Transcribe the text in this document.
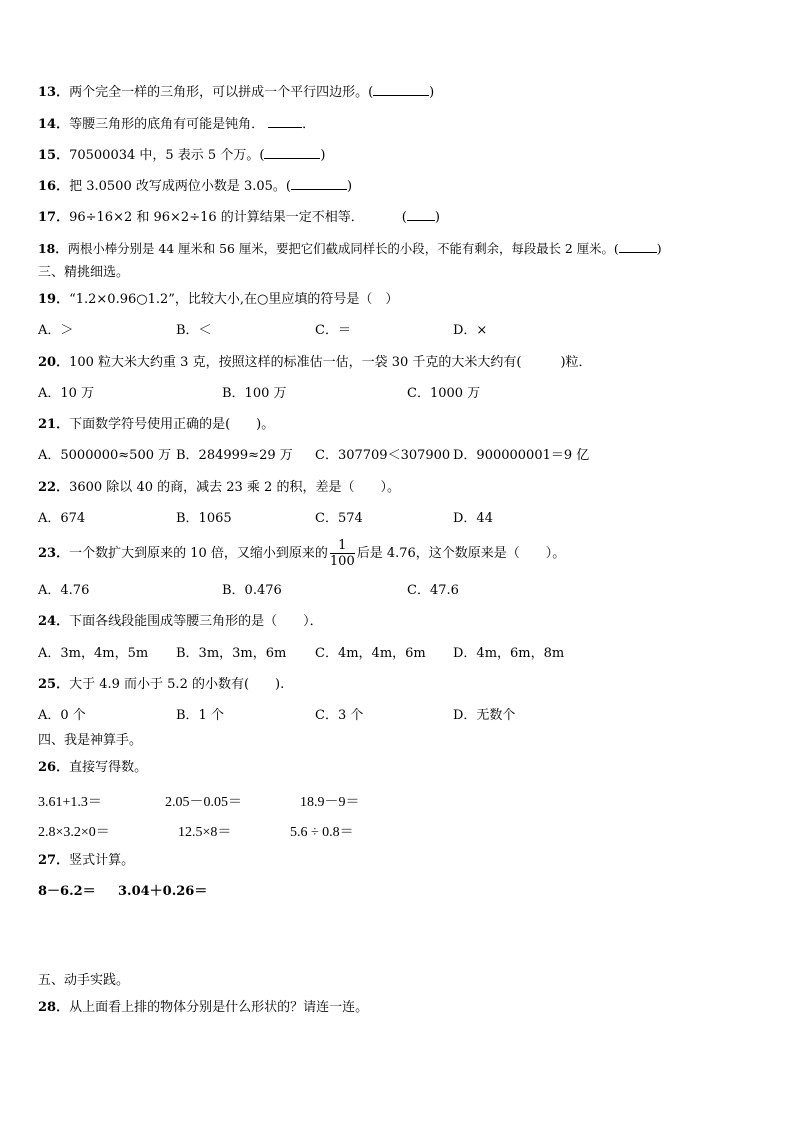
13．两个完全一样的三角形，可以拼成一个平行四边形。(	)
14．等腰三角形的底角有可能是钝角．	．
15．70500034 中，5 表示 5 个万。(	)
16．把 3.0500 改写成两位小数是 3.05。(	)
17．96÷16×2 和 96×2÷16 的计算结果一定不相等．	( )
18．两根小棒分别是 44 厘米和 56 厘米，要把它们截成同样长的小段，不能有剩余，每段最长 2 厘米。(	)
三、精挑细选。
19．“1.2×0.96○1.2”，比较大小,在○里应填的符号是（　）
A．＞	B．＜	C．＝	D．×
20．100 粒大米大约重 3 克，按照这样的标准估一估，一袋 30 千克的大米大约有(　　　)粒．
A．10 万	B．100 万	C．1000 万
21．下面数学符号使用正确的是(　　)。
A．5000000≈500 万 B．284999≈29 万 C．307709＜307900 D．900000001＝9 亿
22．3600 除以 40 的商，减去 23 乘 2 的积，差是（　　）。
A．674	B．1065	C．574	D．44
23．一个数扩大到原来的 10 倍，又缩小到原来的 $\frac{1}{100}$ 后是 4.76，这个数原来是（　　）。
A．4.76	B．0.476	C．47.6
24．下面各线段能围成等腰三角形的是（　　）．
A．3m，4m，5m B．3m，3m，6m C．4m，4m，6m D．4m，6m，8m
25．大于 4.9 而小于 5.2 的小数有(　　).
A．0 个	B．1 个	C．3 个	D．无数个
四、我是神算手。
26．直接写得数。
3.61+1.3＝	2.05－0.05＝	18.9－9＝
2.8×3.2×0＝	12.5×8＝	5.6 ÷ 0.8＝
27．竖式计算。
8－6.2＝ 3.04＋0.26＝
五、动手实践。
28．从上面看上排的物体分别是什么形状的？请连一连。
